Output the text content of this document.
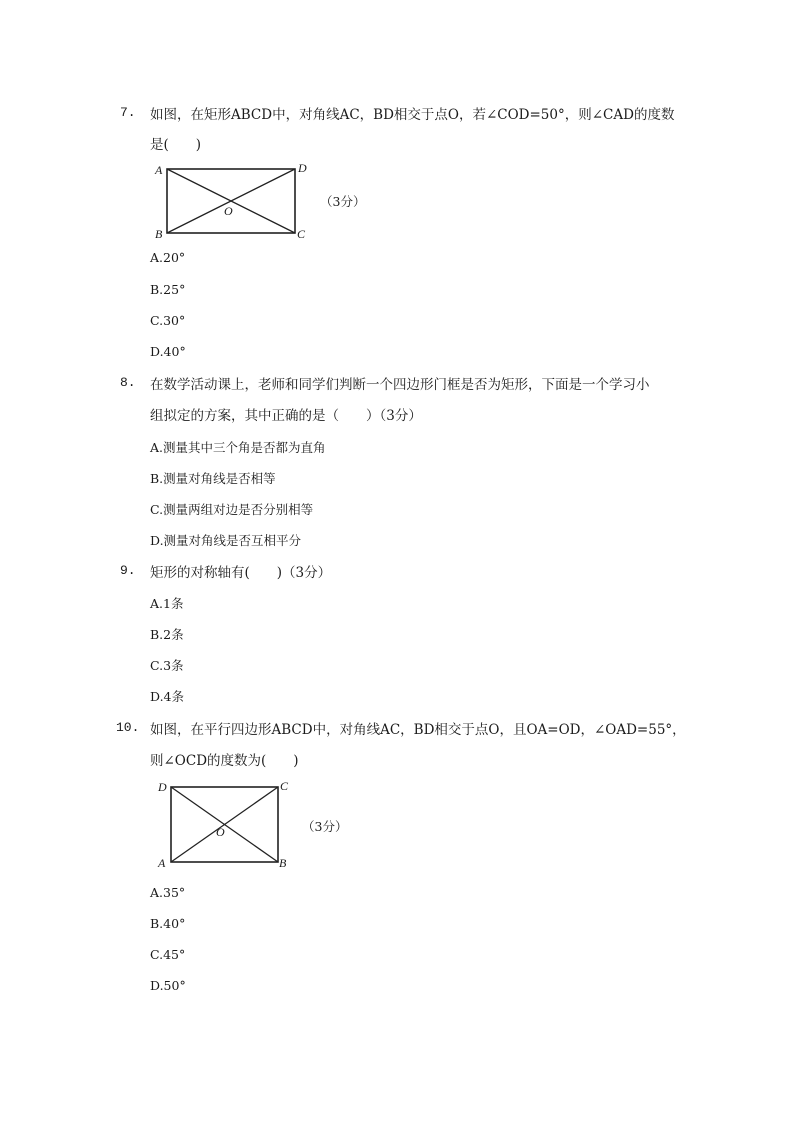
7. 如图，在矩形ABCD中，对角线AC，BD相交于点O，若∠COD=50°，则∠CAD的度数
是(　　)
A	D
B	C
O
（3分）
A.20°
B.25°
C.30°
D.40°
8. 在数学活动课上，老师和同学们判断一个四边形门框是否为矩形，下面是一个学习小
组拟定的方案，其中正确的是（　　）（3分）
A.测量其中三个角是否都为直角
B.测量对角线是否相等
C.测量两组对边是否分别相等
D.测量对角线是否互相平分
9. 矩形的对称轴有(　　)（3分）
A.1条
B.2条
C.3条
D.4条
10. 如图，在平行四边形ABCD中，对角线AC，BD相交于点O，且OA=OD，∠OAD=55°，
则∠OCD的度数为(　　)
D	C
A	B
O	（3分）
A.35°
B.40°
C.45°
D.50°
